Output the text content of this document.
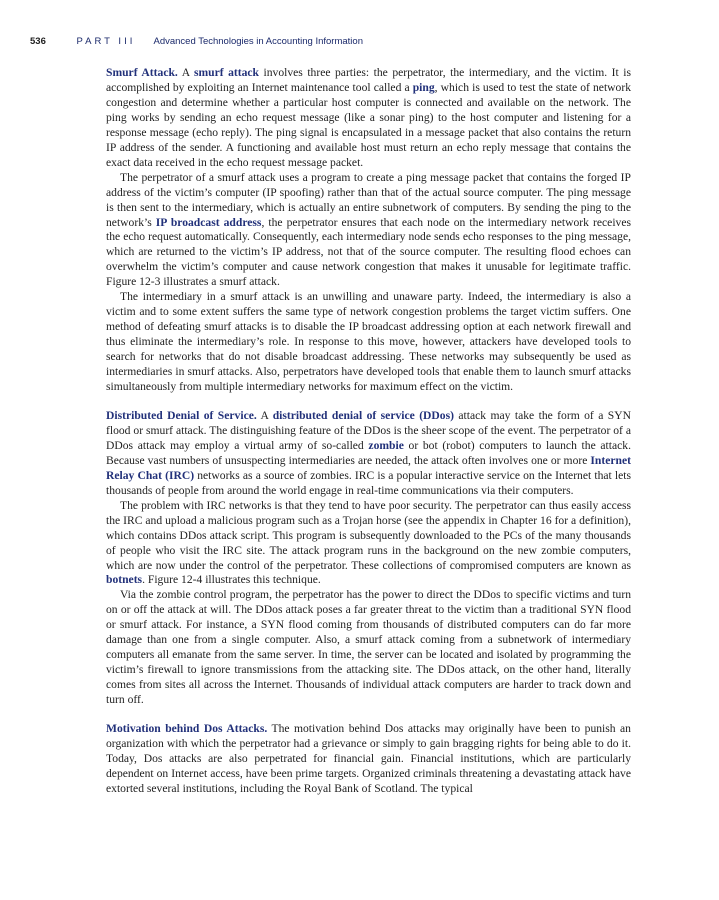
536	PART III Advanced Technologies in Accounting Information

Smurf Attack. A smurf attack involves three parties: the perpetrator, the intermediary, and the victim. It is accomplished by exploiting an Internet maintenance tool called a ping, which is used to test the state of network congestion and determine whether a particular host computer is connected and available on the network. The ping works by sending an echo request message (like a sonar ping) to the host computer and listening for a response message (echo reply). The ping signal is encapsulated in a message packet that also contains the return IP address of the sender. A functioning and available host must return an echo reply message that contains the exact data received in the echo request message packet.

The perpetrator of a smurf attack uses a program to create a ping message packet that contains the forged IP address of the victim’s computer (IP spoofing) rather than that of the actual source computer. The ping message is then sent to the intermediary, which is actually an entire subnetwork of computers. By sending the ping to the network’s IP broadcast address, the perpetrator ensures that each node on the intermediary network receives the echo request automatically. Consequently, each intermediary node sends echo responses to the ping message, which are returned to the victim’s IP address, not that of the source computer. The resulting flood echoes can overwhelm the victim’s computer and cause network congestion that makes it unusable for legitimate traffic. Figure 12-3 illustrates a smurf attack.

The intermediary in a smurf attack is an unwilling and unaware party. Indeed, the intermediary is also a victim and to some extent suffers the same type of network congestion problems the target victim suffers. One method of defeating smurf attacks is to disable the IP broadcast addressing option at each network firewall and thus eliminate the intermediary’s role. In response to this move, however, attackers have developed tools to search for networks that do not disable broadcast addressing. These networks may subsequently be used as intermediaries in smurf attacks. Also, perpetrators have developed tools that enable them to launch smurf attacks simultaneously from multiple intermediary networks for maximum effect on the victim.

Distributed Denial of Service. A distributed denial of service (DDos) attack may take the form of a SYN flood or smurf attack. The distinguishing feature of the DDos is the sheer scope of the event. The perpetrator of a DDos attack may employ a virtual army of so-called zombie or bot (robot) computers to launch the attack. Because vast numbers of unsuspecting intermediaries are needed, the attack often involves one or more Internet Relay Chat (IRC) networks as a source of zombies. IRC is a popular interactive service on the Internet that lets thousands of people from around the world engage in real-time communications via their computers.

The problem with IRC networks is that they tend to have poor security. The perpetrator can thus easily access the IRC and upload a malicious program such as a Trojan horse (see the appendix in Chapter 16 for a definition), which contains DDos attack script. This program is subsequently downloaded to the PCs of the many thousands of people who visit the IRC site. The attack program runs in the background on the new zombie computers, which are now under the control of the perpetrator. These collections of compromised computers are known as botnets. Figure 12-4 illustrates this technique.

Via the zombie control program, the perpetrator has the power to direct the DDos to specific victims and turn on or off the attack at will. The DDos attack poses a far greater threat to the victim than a traditional SYN flood or smurf attack. For instance, a SYN flood coming from thousands of distributed computers can do far more damage than one from a single computer. Also, a smurf attack coming from a subnetwork of intermediary computers all emanate from the same server. In time, the server can be located and isolated by programming the victim’s firewall to ignore transmissions from the attacking site. The DDos attack, on the other hand, literally comes from sites all across the Internet. Thousands of individual attack computers are harder to track down and turn off.

Motivation behind Dos Attacks. The motivation behind Dos attacks may originally have been to punish an organization with which the perpetrator had a grievance or simply to gain bragging rights for being able to do it. Today, Dos attacks are also perpetrated for financial gain. Financial institutions, which are particularly dependent on Internet access, have been prime targets. Organized criminals threatening a devastating attack have extorted several institutions, including the Royal Bank of Scotland. The typical
